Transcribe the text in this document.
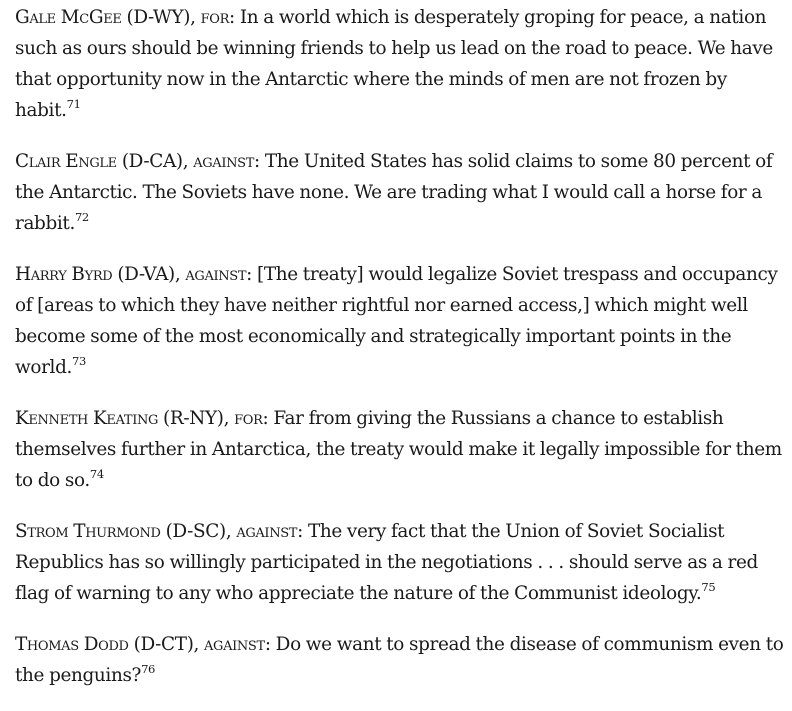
Gale McGee (D-WY), for: In a world which is desperately groping for peace, a nation such as ours should be winning friends to help us lead on the road to peace. We have that opportunity now in the Antarctic where the minds of men are not frozen by habit.$^{71}$

Clair Engle (D-CA), against: The United States has solid claims to some 80 percent of the Antarctic. The Soviets have none. We are trading what I would call a horse for a rabbit.$^{72}$

Harry Byrd (D-VA), against: [The treaty] would legalize Soviet trespass and occupancy of [areas to which they have neither rightful nor earned access,] which might well become some of the most economically and strategically important points in the world.$^{73}$

Kenneth Keating (R-NY), for: Far from giving the Russians a chance to establish themselves further in Antarctica, the treaty would make it legally impossible for them to do so.$^{74}$

Strom Thurmond (D-SC), against: The very fact that the Union of Soviet Socialist Republics has so willingly participated in the negotiations . . . should serve as a red flag of warning to any who appreciate the nature of the Communist ideology.$^{75}$

Thomas Dodd (D-CT), against: Do we want to spread the disease of communism even to the penguins?$^{76}$
